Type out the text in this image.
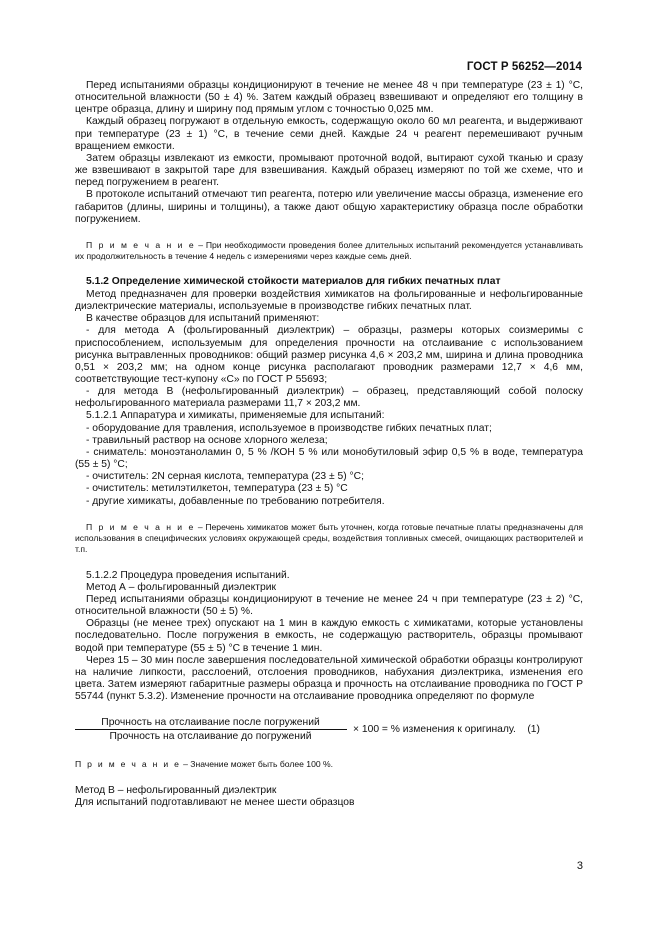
ГОСТ Р 56252—2014

Перед испытаниями образцы кондиционируют в течение не менее 48 ч при температуре (23 ± 1) °С, относительной влажности (50 ± 4) %. Затем каждый образец взвешивают и определяют его толщину в центре образца, длину и ширину под прямым углом с точностью 0,025 мм.

Каждый образец погружают в отдельную емкость, содержащую около 60 мл реагента, и выдерживают при температуре (23 ± 1) °С, в течение семи дней. Каждые 24 ч реагент перемешивают ручным вращением емкости.

Затем образцы извлекают из емкости, промывают проточной водой, вытирают сухой тканью и сразу же взвешивают в закрытой таре для взвешивания. Каждый образец измеряют по той же схеме, что и перед погружением в реагент.

В протоколе испытаний отмечают тип реагента, потерю или увеличение массы образца, изменение его габаритов (длины, ширины и толщины), а также дают общую характеристику образца после обработки погружением.

П р и м е ч а н и е – При необходимости проведения более длительных испытаний рекомендуется устанавливать их продолжительность в течение 4 недель с измерениями через каждые семь дней.

5.1.2 Определение химической стойкости материалов для гибких печатных плат

Метод предназначен для проверки воздействия химикатов на фольгированные и нефольгированные диэлектрические материалы, используемые в производстве гибких печатных плат.

В качестве образцов для испытаний применяют:

- для метода А (фольгированный диэлектрик) – образцы, размеры которых соизмеримы с приспособлением, используемым для определения прочности на отслаивание с использованием рисунка вытравленных проводников: общий размер рисунка 4,6 × 203,2 мм, ширина и длина проводника 0,51 × 203,2 мм; на одном конце рисунка располагают проводник размерами 12,7 × 4,6 мм, соответствующие тест-купону «С» по ГОСТ Р 55693;

- для метода В (нефольгированный диэлектрик) – образец, представляющий собой полоску нефольгированного материала размерами 11,7 × 203,2 мм.

5.1.2.1 Аппаратура и химикаты, применяемые для испытаний:

- оборудование для травления, используемое в производстве гибких печатных плат;

- травильный раствор на основе хлорного железа;

- сниматель: моноэтаноламин 0, 5 % /КОН 5 % или монобутиловый эфир 0,5 % в воде, температура (55 ± 5) °С;

- очиститель: 2N серная кислота, температура (23 ± 5) °С;

- очиститель: метилэтилкетон, температура (23 ± 5) °С

- другие химикаты, добавленные по требованию потребителя.

П р и м е ч а н и е – Перечень химикатов может быть уточнен, когда готовые печатные платы предназначены для использования в специфических условиях окружающей среды, воздействия топливных смесей, очищающих растворителей и т.п.

5.1.2.2 Процедура проведения испытаний.

Метод А – фольгированный диэлектрик

Перед испытаниями образцы кондиционируют в течение не менее 24 ч при температуре (23 ± 2) °С, относительной влажности (50 ± 5) %.

Образцы (не менее трех) опускают на 1 мин в каждую емкость с химикатами, которые установлены последовательно. После погружения в емкость, не содержащую растворитель, образцы промывают водой при температуре (55 ± 5) °С в течение 1 мин.

Через 15 – 30 мин после завершения последовательной химической обработки образцы контролируют на наличие липкости, расслоений, отслоения проводников, набухания диэлектрика, изменения его цвета. Затем измеряют габаритные размеры образца и прочность на отслаивание проводника по ГОСТ Р 55744 (пункт 5.3.2). Изменение прочности на отслаивание проводника определяют по формуле

Прочность на отслаивание после погружений
Прочность на отслаивание до погружений
× 100 = % изменения к оригиналу. (1)

П р и м е ч а н и е – Значение может быть более 100 %.

Метод В – нефольгированный диэлектрик

Для испытаний подготавливают не менее шести образцов

3
